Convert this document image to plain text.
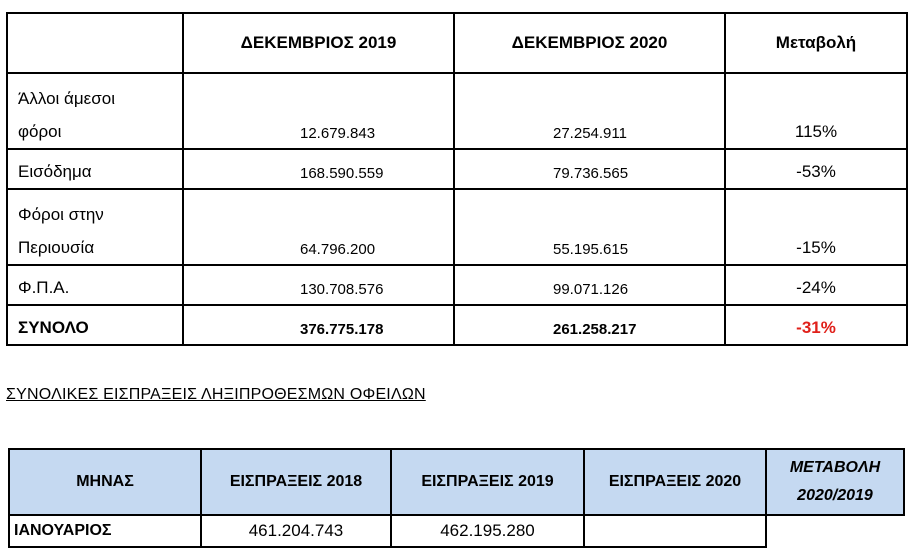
	ΔΕΚΕΜΒΡΙΟΣ 2019	ΔΕΚΕΜΒΡΙΟΣ 2020	Μεταβολή

Άλλοι άμεσοι
φόροι	12.679.843	27.254.911	115%
Εισόδημα	168.590.559	79.736.565	-53%

Φόροι στην
Περιουσία	64.796.200	55.195.615	-15%
Φ.Π.Α.	130.708.576	99.071.126	-24%
ΣΥΝΟΛΟ	376.775.178	261.258.217	-31%
ΣΥΝΟΛΙΚΕΣ ΕΙΣΠΡΑΞΕΙΣ ΛΗΞΙΠΡΟΘΕΣΜΩΝ ΟΦΕΙΛΩΝ
ΜΗΝΑΣ	ΕΙΣΠΡΑΞΕΙΣ 2018	ΕΙΣΠΡΑΞΕΙΣ 2019	ΕΙΣΠΡΑΞΕΙΣ 2020	ΜΕΤΑΒΟΛΗ
2020/2019

ΙΑΝΟΥΑΡΙΟΣ	461.204.743	462.195.280		
